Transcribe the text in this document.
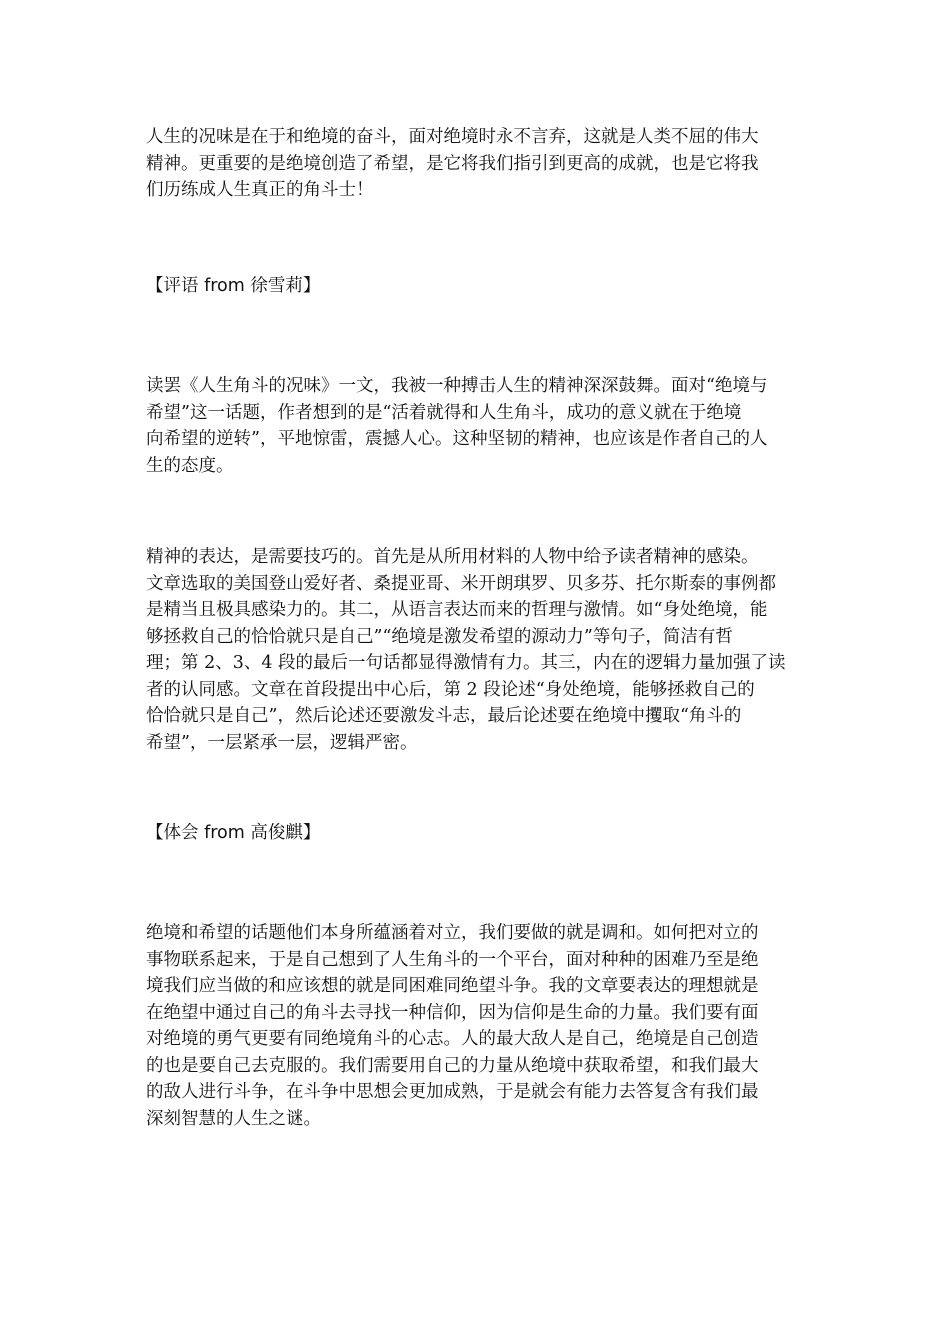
人生的况味是在于和绝境的奋斗，面对绝境时永不言弃，这就是人类不屈的伟大
精神。更重要的是绝境创造了希望，是它将我们指引到更高的成就，也是它将我
们历练成人生真正的角斗士！

【评语 from 徐雪莉】

读罢《人生角斗的况味》一文，我被一种搏击人生的精神深深鼓舞。面对“绝境与
希望”这一话题，作者想到的是“活着就得和人生角斗，成功的意义就在于绝境
向希望的逆转”，平地惊雷，震撼人心。这种坚韧的精神，也应该是作者自己的人
生的态度。

精神的表达，是需要技巧的。首先是从所用材料的人物中给予读者精神的感染。
文章选取的美国登山爱好者、桑提亚哥、米开朗琪罗、贝多芬、托尔斯泰的事例都
是精当且极具感染力的。其二，从语言表达而来的哲理与激情。如“身处绝境，能
够拯救自己的恰恰就只是自己”“绝境是激发希望的源动力”等句子，简洁有哲
理；第 2、3、4 段的最后一句话都显得激情有力。其三，内在的逻辑力量加强了读
者的认同感。文章在首段提出中心后，第 2 段论述“身处绝境，能够拯救自己的
恰恰就只是自己”，然后论述还要激发斗志，最后论述要在绝境中攫取“角斗的
希望”，一层紧承一层，逻辑严密。

【体会 from 高俊麒】

绝境和希望的话题他们本身所蕴涵着对立，我们要做的就是调和。如何把对立的
事物联系起来，于是自己想到了人生角斗的一个平台，面对种种的困难乃至是绝
境我们应当做的和应该想的就是同困难同绝望斗争。我的文章要表达的理想就是
在绝望中通过自己的角斗去寻找一种信仰，因为信仰是生命的力量。我们要有面
对绝境的勇气更要有同绝境角斗的心志。人的最大敌人是自己，绝境是自己创造
的也是要自己去克服的。我们需要用自己的力量从绝境中获取希望，和我们最大
的敌人进行斗争，在斗争中思想会更加成熟，于是就会有能力去答复含有我们最
深刻智慧的人生之谜。
